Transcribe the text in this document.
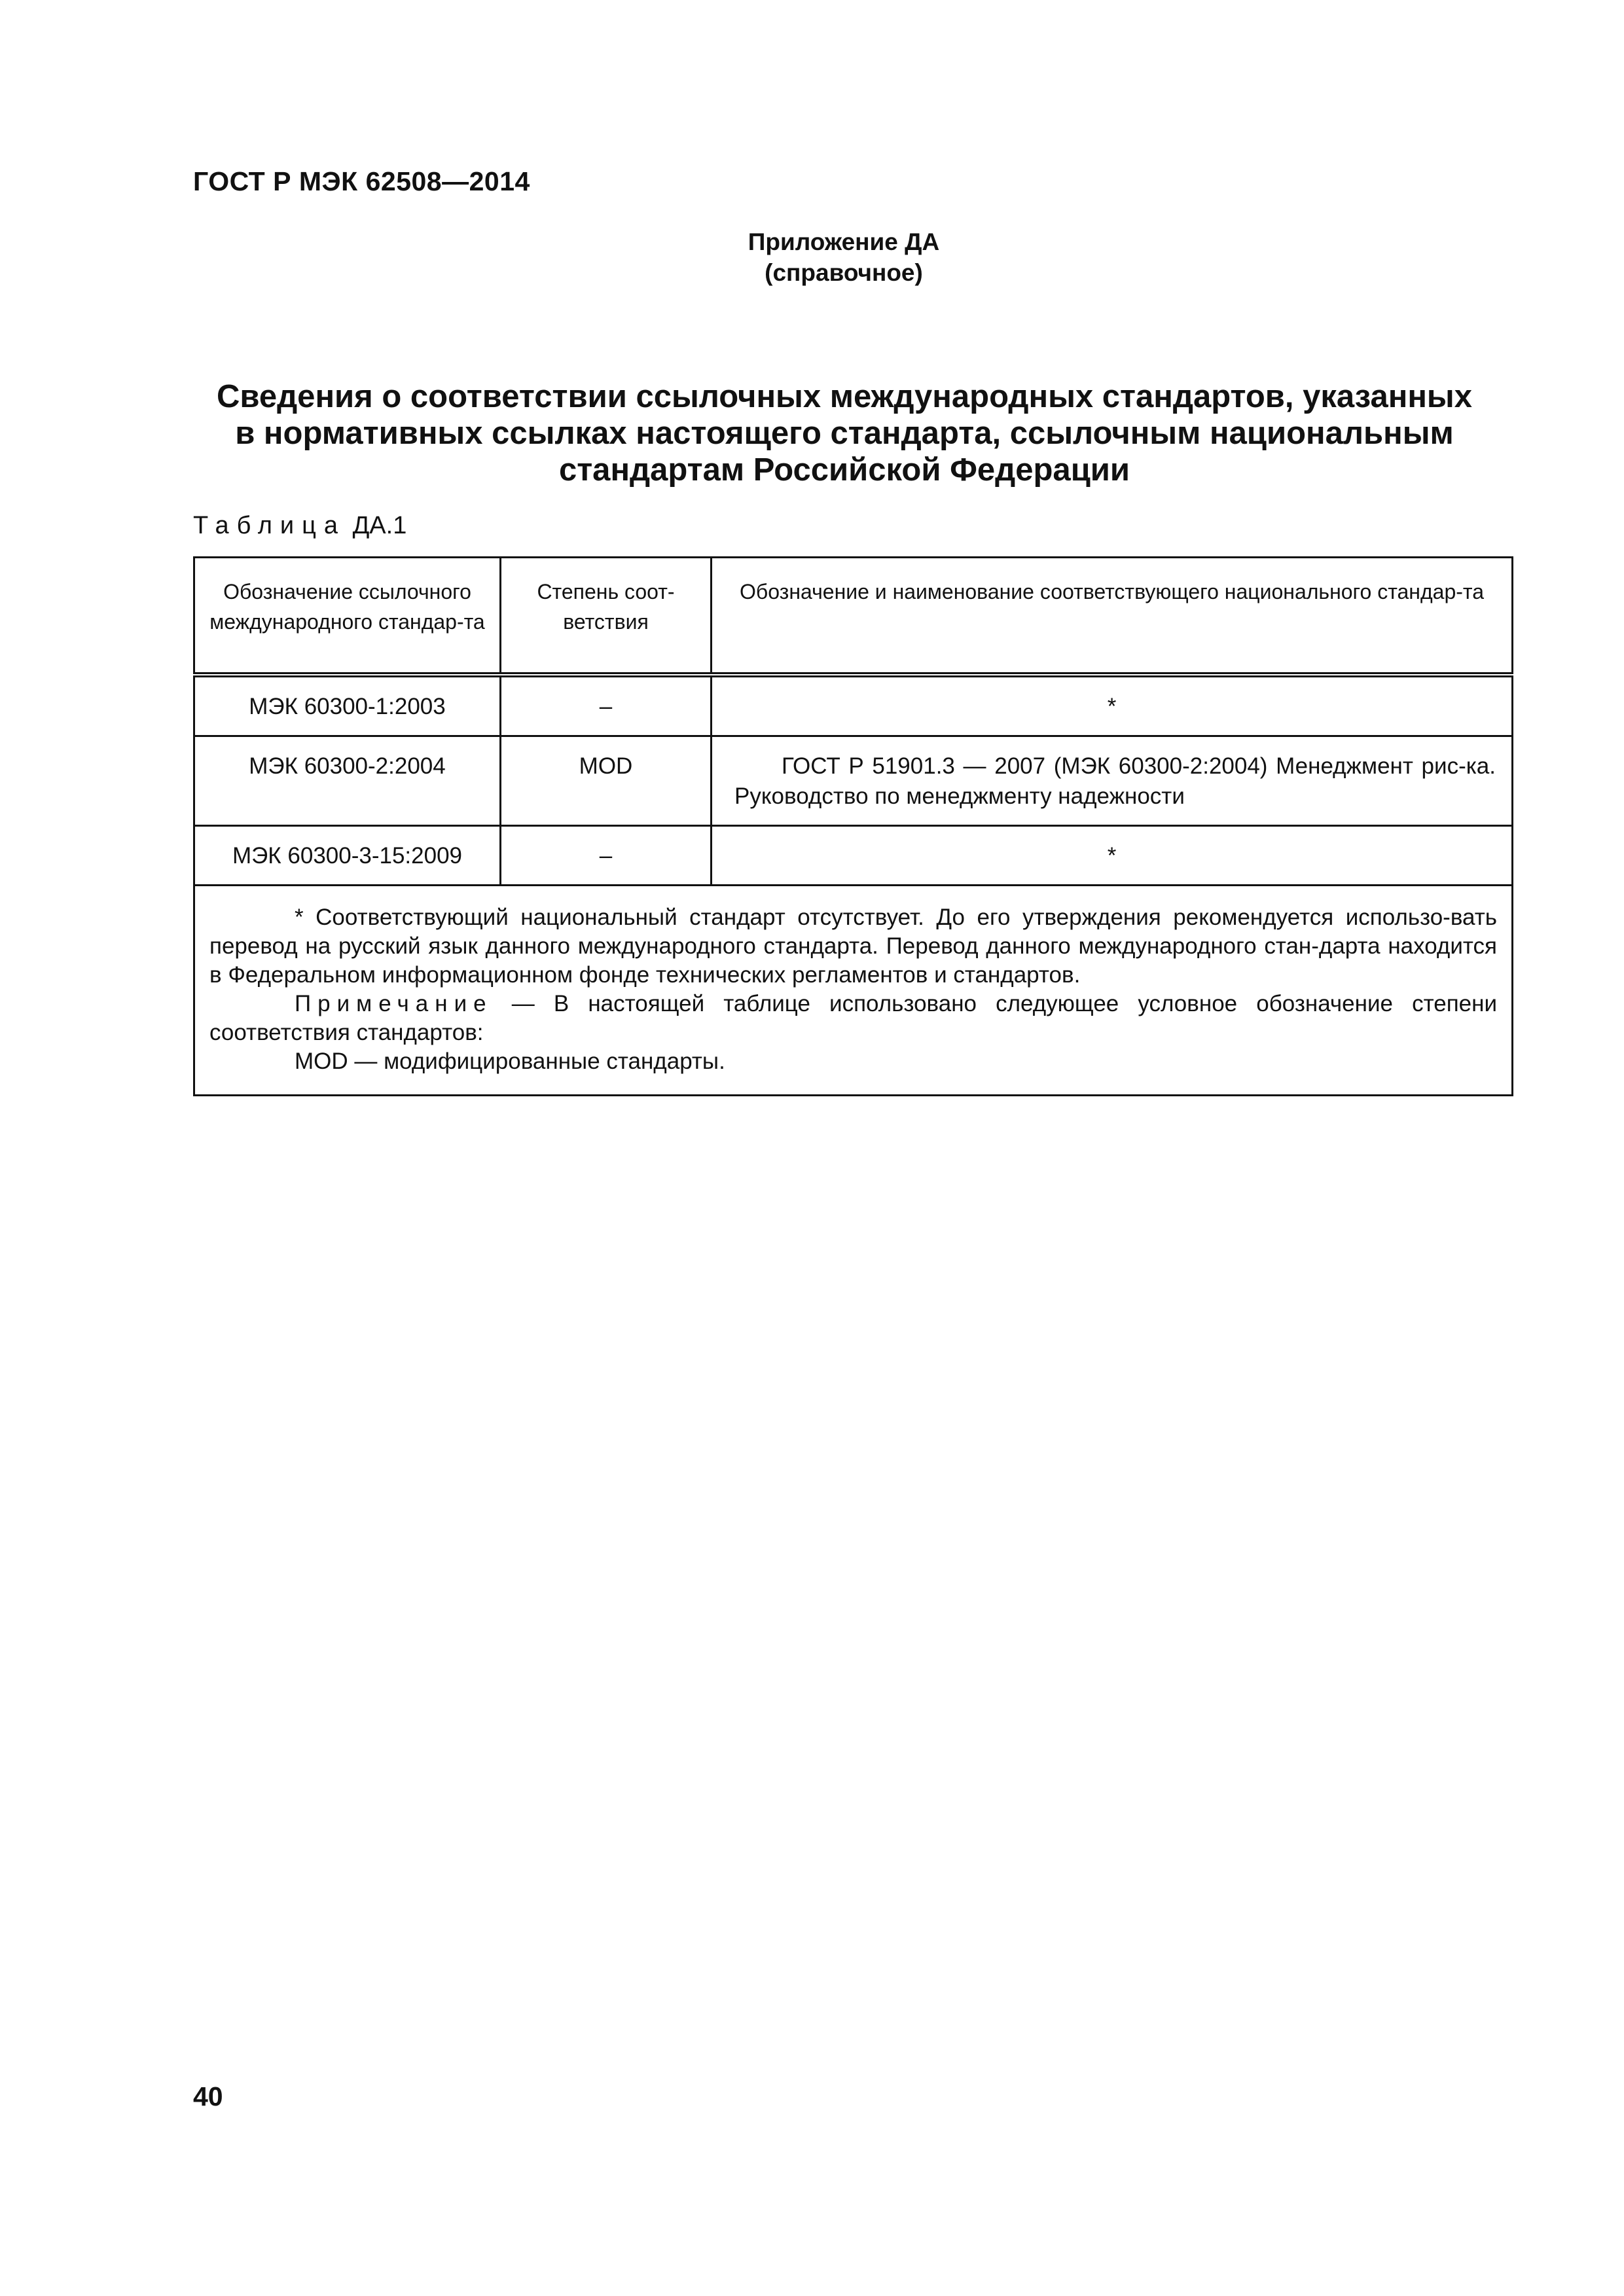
ГОСТ Р МЭК 62508—2014
Приложение ДА
(справочное)
Сведения о соответствии ссылочных международных стандартов, указанных
в нормативных ссылках настоящего стандарта, ссылочным национальным
стандартам Российской Федерации
Таблица ДА.1
Обозначение ссылочного международного стандар-та	Степень соот-ветствия	Обозначение и наименование соответствующего национального стандар-та
МЭК 60300-1:2003	–	*
МЭК 60300-2:2004	MOD	ГОСТ Р 51901.3 — 2007 (МЭК 60300-2:2004) Менеджмент рис-ка. Руководство по менеджменту надежности
МЭК 60300-3-15:2009	–	*

* Соответствующий национальный стандарт отсутствует. До его утверждения рекомендуется использо-вать перевод на русский язык данного международного стандарта. Перевод данного международного стан-дарта находится в Федеральном информационном фонде технических регламентов и стандартов.

Примечание — В настоящей таблице использовано следующее условное обозначение степени соответствия стандартов:

MOD — модифицированные стандарты.		

40
